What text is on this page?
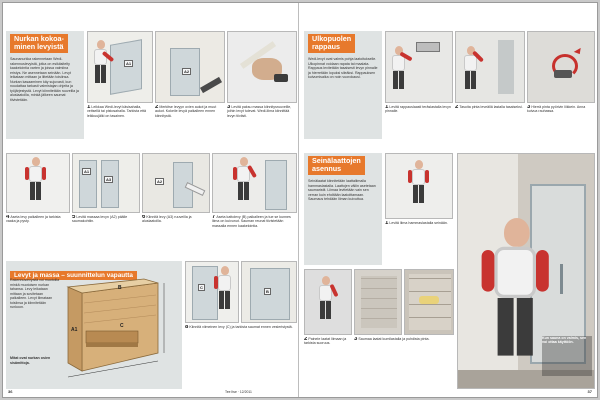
Nurkan kokoa-
minen levyistä
Saunanurkka rakennetaan Wedi-rakennuslevyistä, jotka on esikäsitelty kaakelointia varten ja joissa valmiina eristys. Ne asennetaan seinään. Levyt leikataan mittaan ja liitetään toisiinsa. Nurkan kasaaminen käy sujuvasti, kun noudattaa tarkasti valmistajan ohjeita ja työjärjestystä. Levyt kiinnitetään ruuveilla ja aluslaatoilla, minkä jälkeen saumat tiivistetään.
A1
A2
1Leikkaa Wedi-levyt käsisahalla, veitsellä tai pistosahalla. Tarkista että leikkuujälki on tasainen.
2Merkitse levyyn ovien aukot ja muut aukot. Kokeile levyä paikalleen ennen kiinnitystä.
3Levitä paksu massa kiinnitysruuveille, joihin levyt tulevat. Wedi-liima kiinnittää levyn tiiviisti.
A1
A3	A2
4Aseta levy paikalleen ja tarkista vaaka ja pysty.
5Levitä massaa levyn (A2) päälle saumakohtiin.
6Kiinnitä levy (A3) ruuveilla ja aluslaatoilla.
7Aseta kattolevy (B) paikalleen ja tue se kunnes liima on kuivunut. Sauman reunat tiivistetään massalla ennen kaakelointia.
Levyt ja massa – suunnittelun vapautta
Rakennuslevyistä voi muotoilla minkä muotoisen nurkan tahansa. Levy leikataan mittaan ja sovitetaan paikalleen. Levyt liimataan toisiinsa ja kiinnitetään runkoon.
Mitat ovat nurkan osien sisämittoja.
B
A1
C
C
B
8Kiinnitä viimeinen levy (C) ja tarkista saumat ennen vesieristystä.
36	Tee Itse · 12/2011
Ulkopuolen
rappaus
Wedi-levyt ovat valmis pohja laatoitukselle. Ulkopinnat voidaan rapata tai maalata. Rappaus levitetään tasaisesti levyn pinnalle ja hierretään lopuksi sileäksi. Rappauksen kuivumisaika on noin vuorokausi.
1Levitä rappauslaasti teräslastalla levyn pinnalle.
2Tasoita pinta leveällä lastalla tasaiseksi. 3Hierrä pinta pyörivin liikkein. Anna kuivua rauhassa.
Seinälaattojen
asennus
Seinälaatat kiinnitetään laattaliimalla hammaslastalla. Laattojen väliin asetetaan saumaristit. Liimaa levitetään vain sen verran kuin ehditään laatoittamaan. Saumaus tehdään liiman kuivuttua.
1Levitä liima hammaslastalla seinään.
Kun sauna on valmis, sen voi ottaa käyttöön.
2Painele laatat liimaan ja tarkista suoruus.
3Saumaa laatat kumilastalla ja puhdista pinta.
37
